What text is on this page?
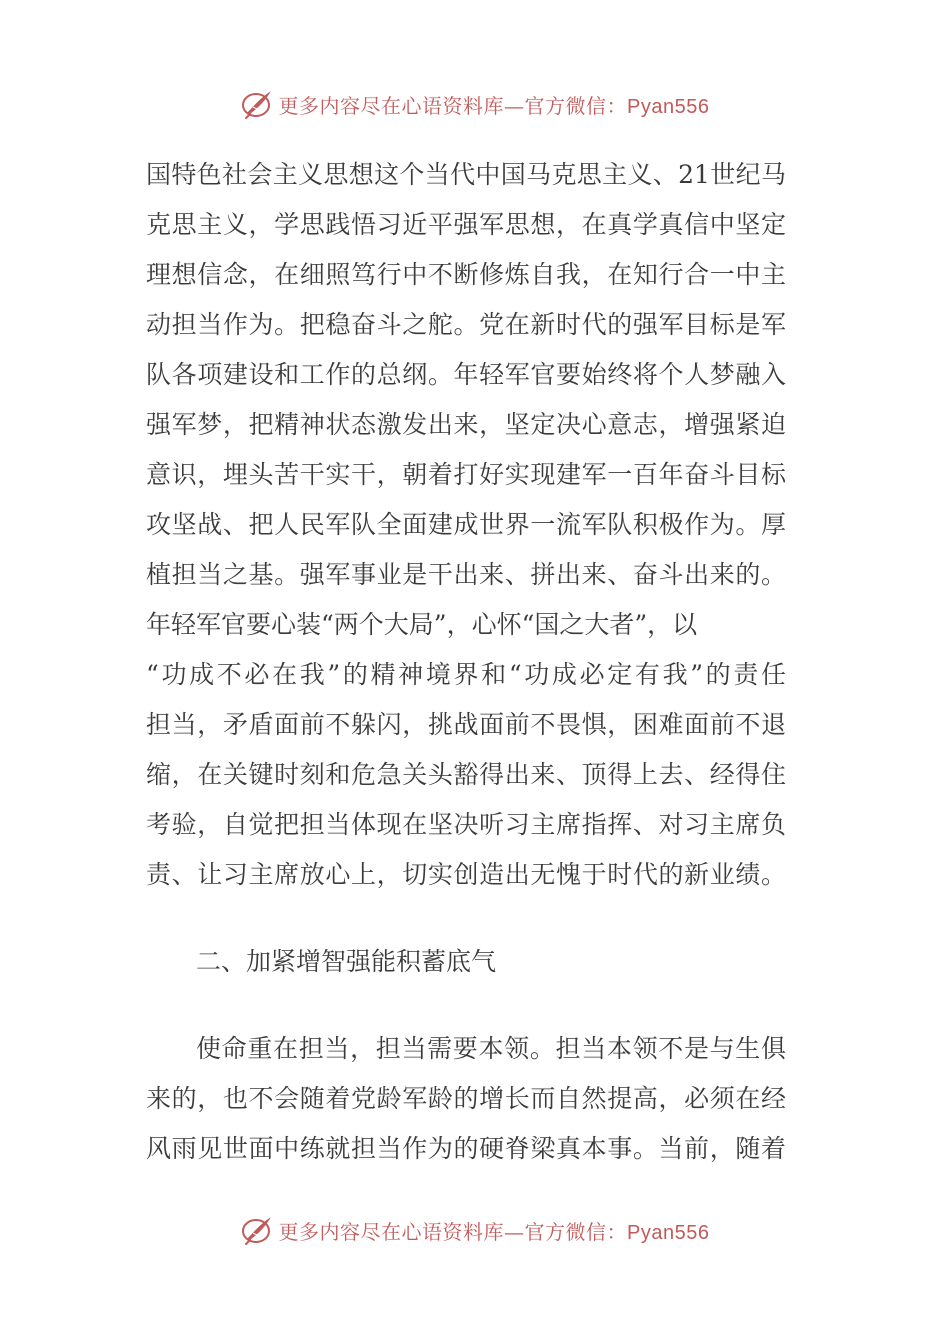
更多内容尽在心语资料库—官方微信：Pyan556
国特色社会主义思想这个当代中国马克思主义、21世纪马
克思主义，学思践悟习近平强军思想，在真学真信中坚定
理想信念，在细照笃行中不断修炼自我，在知行合一中主
动担当作为。把稳奋斗之舵。党在新时代的强军目标是军
队各项建设和工作的总纲。年轻军官要始终将个人梦融入
强军梦，把精神状态激发出来，坚定决心意志，增强紧迫
意识，埋头苦干实干，朝着打好实现建军一百年奋斗目标
攻坚战、把人民军队全面建成世界一流军队积极作为。厚
植担当之基。强军事业是干出来、拼出来、奋斗出来的。
年轻军官要心装“两个大局”，心怀“国之大者”，以
“功成不必在我”的精神境界和“功成必定有我”的责任
担当，矛盾面前不躲闪，挑战面前不畏惧，困难面前不退
缩，在关键时刻和危急关头豁得出来、顶得上去、经得住
考验，自觉把担当体现在坚决听习主席指挥、对习主席负
责、让习主席放心上，切实创造出无愧于时代的新业绩。
二、加紧增智强能积蓄底气
使命重在担当，担当需要本领。担当本领不是与生俱
来的，也不会随着党龄军龄的增长而自然提高，必须在经
风雨见世面中练就担当作为的硬脊梁真本事。当前，随着
更多内容尽在心语资料库—官方微信：Pyan556
